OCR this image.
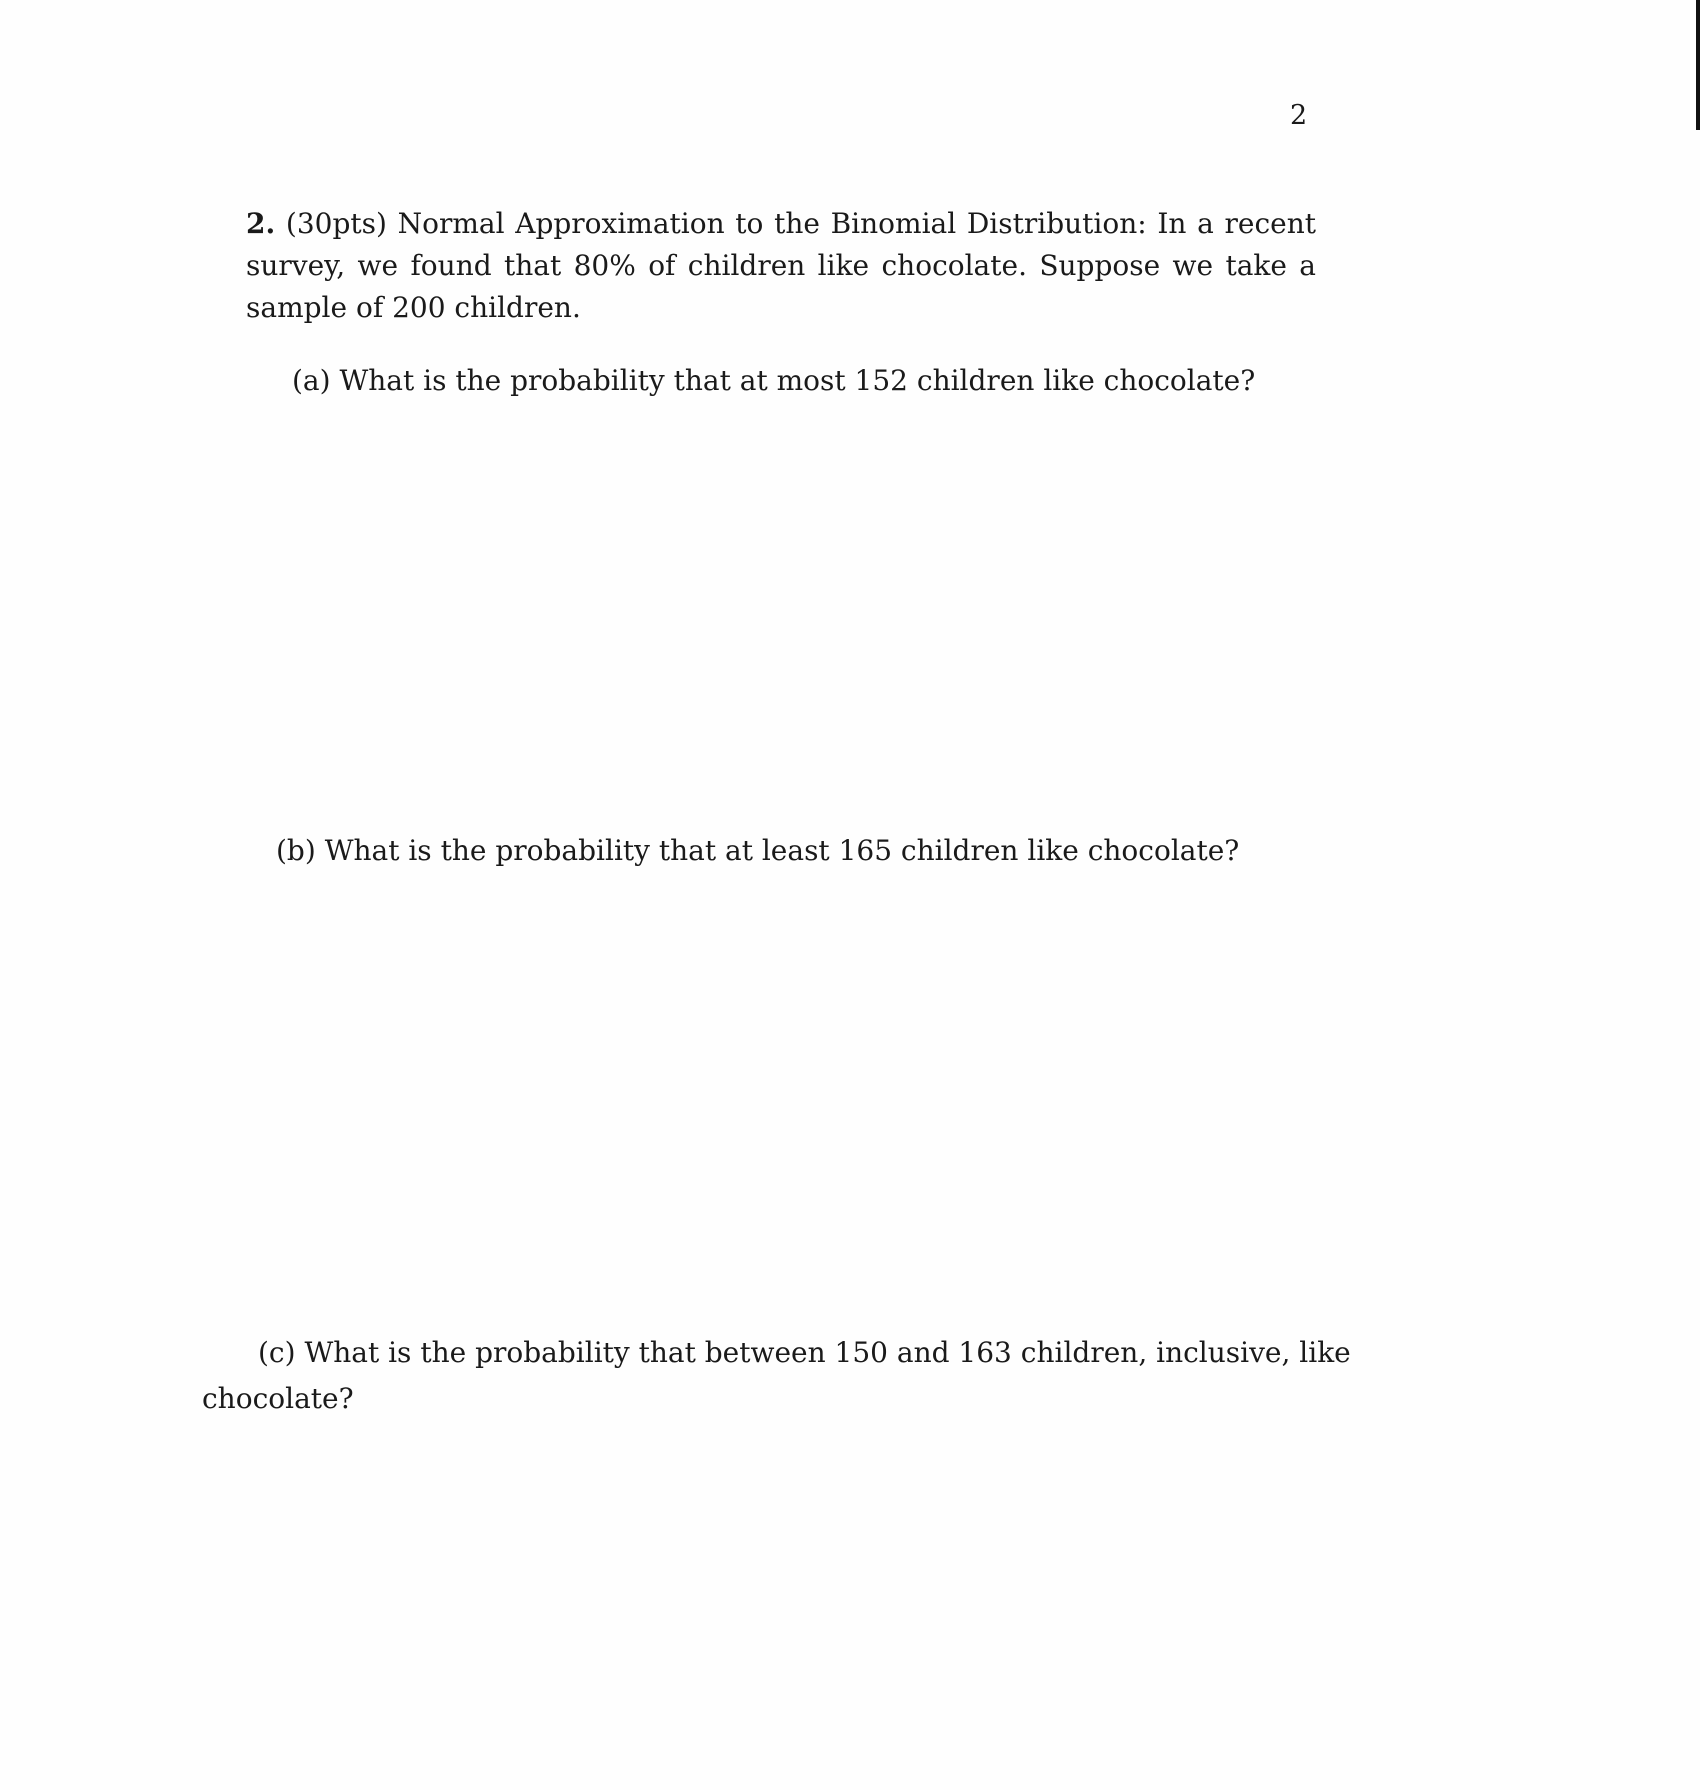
2
2. (30pts) Normal Approximation to the Binomial Distribution: In a recent survey, we found that 80% of children like chocolate. Suppose we take a sample of 200 children.
(a) What is the probability that at most 152 children like chocolate?
(b) What is the probability that at least 165 children like chocolate?
(c) What is the probability that between 150 and 163 children, inclusive, like chocolate?
